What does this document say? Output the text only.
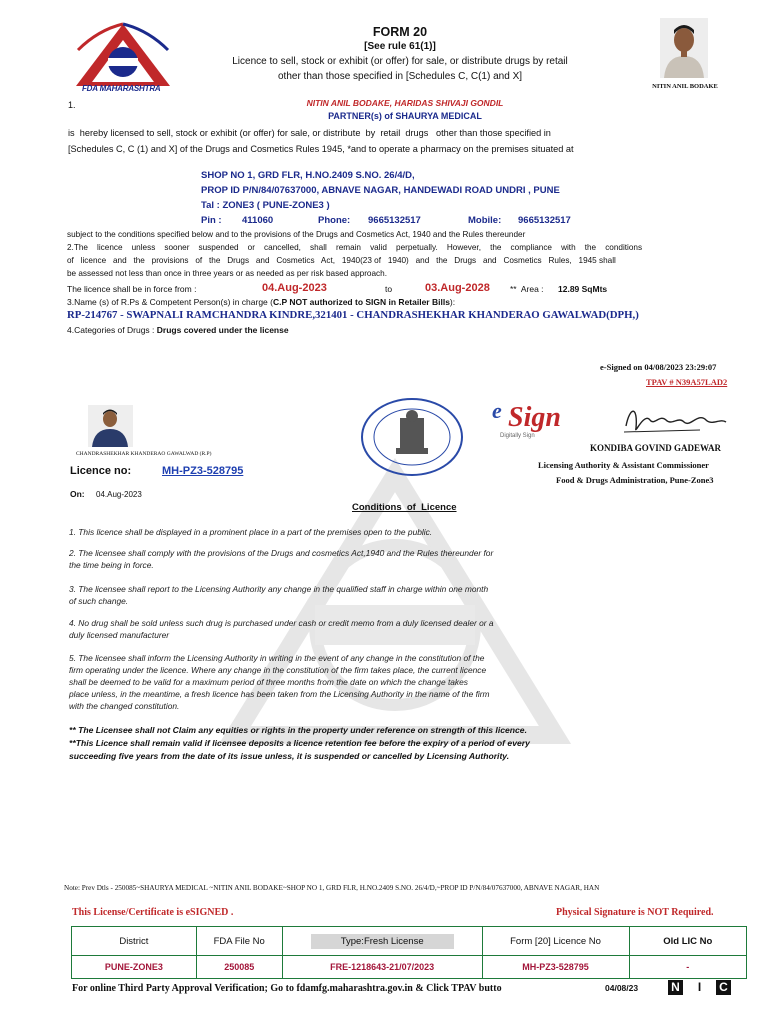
FDA MAHARASHTRA
FORM 20
[See rule 61(1)]
Licence to sell, stock or exhibit (or offer) for sale, or distribute drugs by retail
other than those specified in [Schedules C, C(1) and X]
NITIN ANIL BODAKE
1.	NITIN ANIL BODAKE, HARIDAS SHIVAJI GONDIL
PARTNER(s) of SHAURYA MEDICAL
is  hereby licensed to sell, stock or exhibit (or offer) for sale, or distribute  by  retail  drugs   other than those specified in
[Schedules C, C (1) and X] of the Drugs and Cosmetics Rules 1945, *and to operate a pharmacy on the premises situated at
SHOP NO 1, GRD FLR, H.NO.2409 S.NO. 26/4/D,
PROP ID P/N/84/07637000, ABNAVE NAGAR, HANDEWADI ROAD UNDRI , PUNE
Tal : ZONE3 ( PUNE-ZONE3 )
Pin : 411060	Phone: 9665132517	Mobile: 9665132517
subject to the conditions specified below and to the provisions of the Drugs and Cosmetics Act, 1940 and the Rules thereunder
2.The    licence    unless    sooner    suspended    or    cancelled,    shall    remain    valid    perpetually.    However,    the    compliance    with    the    conditions
of   licence   and   the   provisions   of   the   Drugs   and   Cosmetics   Act,   1940(23 of   1940)   and   the   Drugs   and   Cosmetics   Rules,   1945 shall
be assessed not less than once in three years or as needed as per risk based approach.
The licence shall be in force from :	04.Aug-2023	to	03.Aug-2028 **  Area : 12.89 SqMts
3.Name (s) of R.Ps & Competent Person(s) in charge (C.P NOT authorized to SIGN in Retailer Bills):
RP-214767 - SWAPNALI RAMCHANDRA KINDRE,321401 - CHANDRASHEKHAR KHANDERAO GAWALWAD(DPH,)
4.Categories of Drugs : Drugs covered under the license
e-Signed on 04/08/2023 23:29:07
TPAV # N39A57LAD2
CHANDRASHEKHAR KHANDERAO GAWALWAD (R.P)
e Sign
Digitally Sign
KONDIBA GOVIND GADEWAR
Licensing Authority & Assistant Commissioner
Food & Drugs Administration, Pune-Zone3
Licence no:	MH-PZ3-528795
On: 04.Aug-2023
Conditions  of  Licence
1. This licence shall be displayed in a prominent place in a part of the premises open to the public.
2. The licensee shall comply with the provisions of the Drugs and cosmetics Act,1940 and the Rules thereunder for
the time being in force.
3. The licensee shall report to the Licensing Authority any change in the qualified staff in charge within one month
of such change.
4. No drug shall be sold unless such drug is purchased under cash or credit memo from a duly licensed dealer or a
duly licensed manufacturer
5. The licensee shall inform the Licensing Authority in writing in the event of any change in the constitution of the
firm operating under the licence. Where any change in the constitution of the firm takes place, the current licence
shall be deemed to be valid for a maximum period of three months from the date on which the change takes
place unless, in the meantime, a fresh licence has been taken from the Licensing Authority in the name of the firm
with the changed constitution.
** The Licensee shall not Claim any equities or rights in the property under reference on strength of this licence.
**This Licence shall remain valid if licensee deposits a licence retention fee before the expiry of a period of every
succeeding five years from the date of its issue unless, it is suspended or cancelled by Licensing Authority.
Note: Prev Dtls - 250085~SHAURYA MEDICAL ~NITIN ANIL BODAKE~SHOP NO 1, GRD FLR, H.NO.2409 S.NO. 26/4/D,~PROP ID P/N/84/07637000, ABNAVE NAGAR, HAN
This License/Certificate is eSIGNED .	Physical Signature is NOT Required.
District	FDA File No	Type:Fresh License	Form [20] Licence No	Old LIC No
PUNE-ZONE3	250085	FRE-1218643-21/07/2023	MH-PZ3-528795	-
For online Third Party Approval Verification; Go to fdamfg.maharashtra.gov.in & Click TPAV butto	04/08/23	N	I	C
